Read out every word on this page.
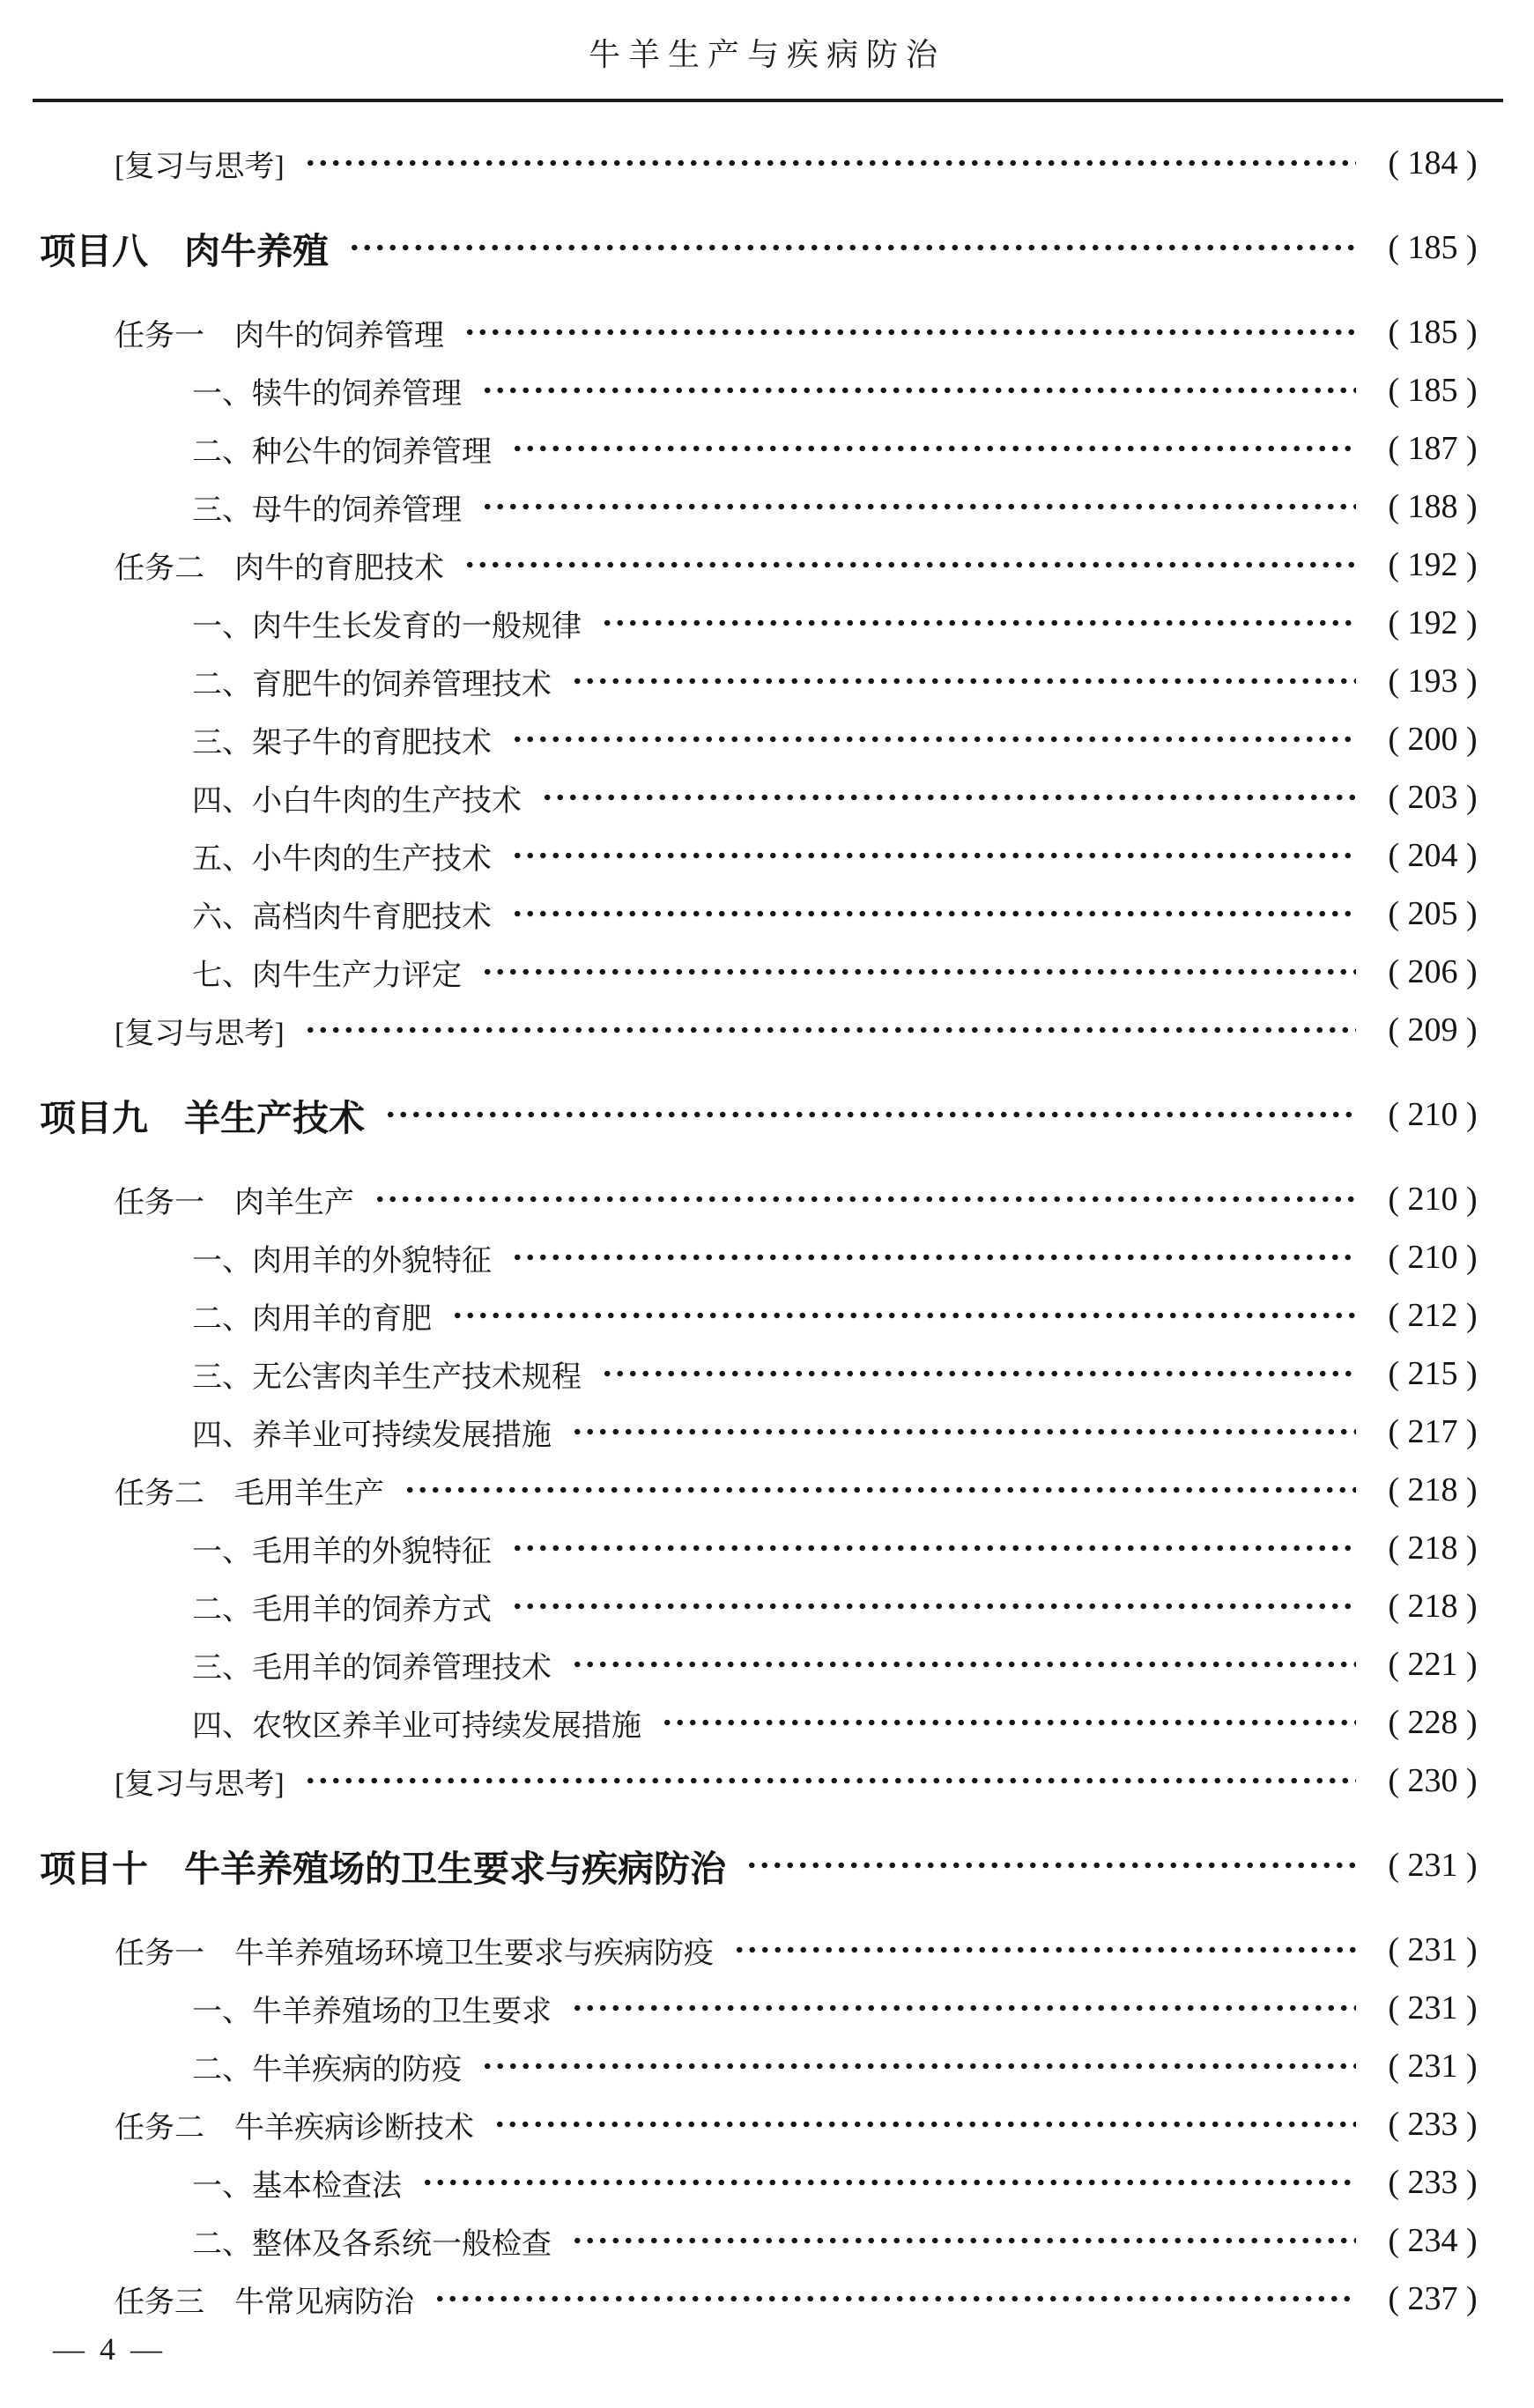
牛羊生产与疾病防治
[复习与思考]	( 184 )
项目八　肉牛养殖	( 185 )
任务一　肉牛的饲养管理	( 185 )
一、犊牛的饲养管理	( 185 )
二、种公牛的饲养管理	( 187 )
三、母牛的饲养管理	( 188 )
任务二　肉牛的育肥技术	( 192 )
一、肉牛生长发育的一般规律	( 192 )
二、育肥牛的饲养管理技术	( 193 )
三、架子牛的育肥技术	( 200 )
四、小白牛肉的生产技术	( 203 )
五、小牛肉的生产技术	( 204 )
六、高档肉牛育肥技术	( 205 )
七、肉牛生产力评定	( 206 )
[复习与思考]	( 209 )
项目九　羊生产技术	( 210 )
任务一　肉羊生产	( 210 )
一、肉用羊的外貌特征	( 210 )
二、肉用羊的育肥	( 212 )
三、无公害肉羊生产技术规程	( 215 )
四、养羊业可持续发展措施	( 217 )
任务二　毛用羊生产	( 218 )
一、毛用羊的外貌特征	( 218 )
二、毛用羊的饲养方式	( 218 )
三、毛用羊的饲养管理技术	( 221 )
四、农牧区养羊业可持续发展措施	( 228 )
[复习与思考]	( 230 )
项目十　牛羊养殖场的卫生要求与疾病防治	( 231 )
任务一　牛羊养殖场环境卫生要求与疾病防疫	( 231 )
一、牛羊养殖场的卫生要求	( 231 )
二、牛羊疾病的防疫	( 231 )
任务二　牛羊疾病诊断技术	( 233 )
一、基本检查法	( 233 )
二、整体及各系统一般检查	( 234 )
任务三　牛常见病防治	( 237 )
— 4 —
